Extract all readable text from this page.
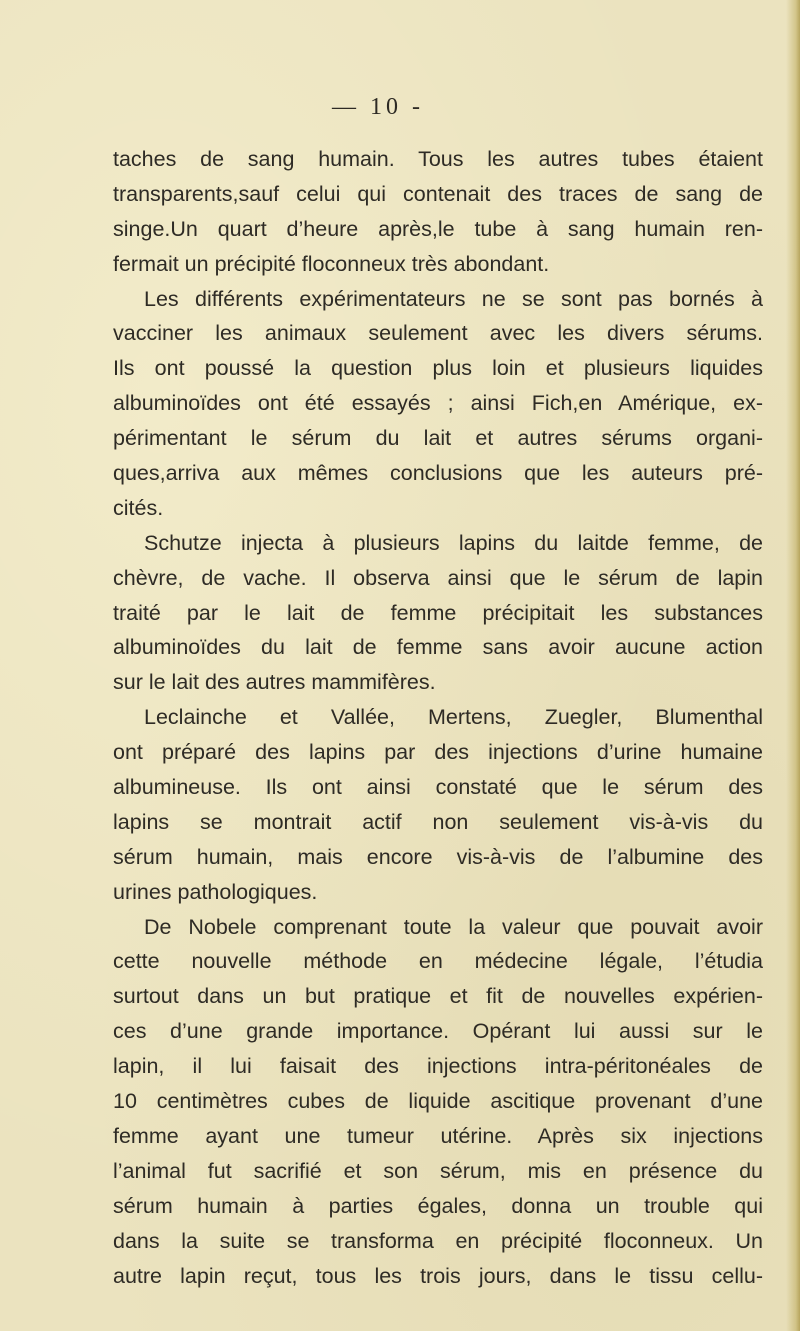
— 10 -
taches de sang humain. Tous les autres tubes étaient
transparents,sauf celui qui contenait des traces de sang de
singe.Un quart d’heure après,le tube à sang humain ren-
fermait un précipité floconneux très abondant.
Les différents expérimentateurs ne se sont pas bornés à
vacciner les animaux seulement avec les divers sérums.
Ils ont poussé la question plus loin et plusieurs liquides
albuminoïdes ont été essayés ; ainsi Fich,en Amérique, ex-
périmentant le sérum du lait et autres sérums organi-
ques,arriva aux mêmes conclusions que les auteurs pré-
cités.
Schutze injecta à plusieurs lapins du laitde femme, de
chèvre, de vache. Il observa ainsi que le sérum de lapin
traité par le lait de femme précipitait les substances
albuminoïdes du lait de femme sans avoir aucune action
sur le lait des autres mammifères.
Leclainche et Vallée, Mertens, Zuegler, Blumenthal
ont préparé des lapins par des injections d’urine humaine
albumineuse. Ils ont ainsi constaté que le sérum des
lapins se montrait actif non seulement vis-à-vis du
sérum humain, mais encore vis-à-vis de l’albumine des
urines pathologiques.
De Nobele comprenant toute la valeur que pouvait avoir
cette nouvelle méthode en médecine légale, l’étudia
surtout dans un but pratique et fit de nouvelles expérien-
ces d’une grande importance. Opérant lui aussi sur le
lapin, il lui faisait des injections intra-péritonéales de
10 centimètres cubes de liquide ascitique provenant d’une
femme ayant une tumeur utérine. Après six injections
l’animal fut sacrifié et son sérum, mis en présence du
sérum humain à parties égales, donna un trouble qui
dans la suite se transforma en précipité floconneux. Un
autre lapin reçut, tous les trois jours, dans le tissu cellu-
